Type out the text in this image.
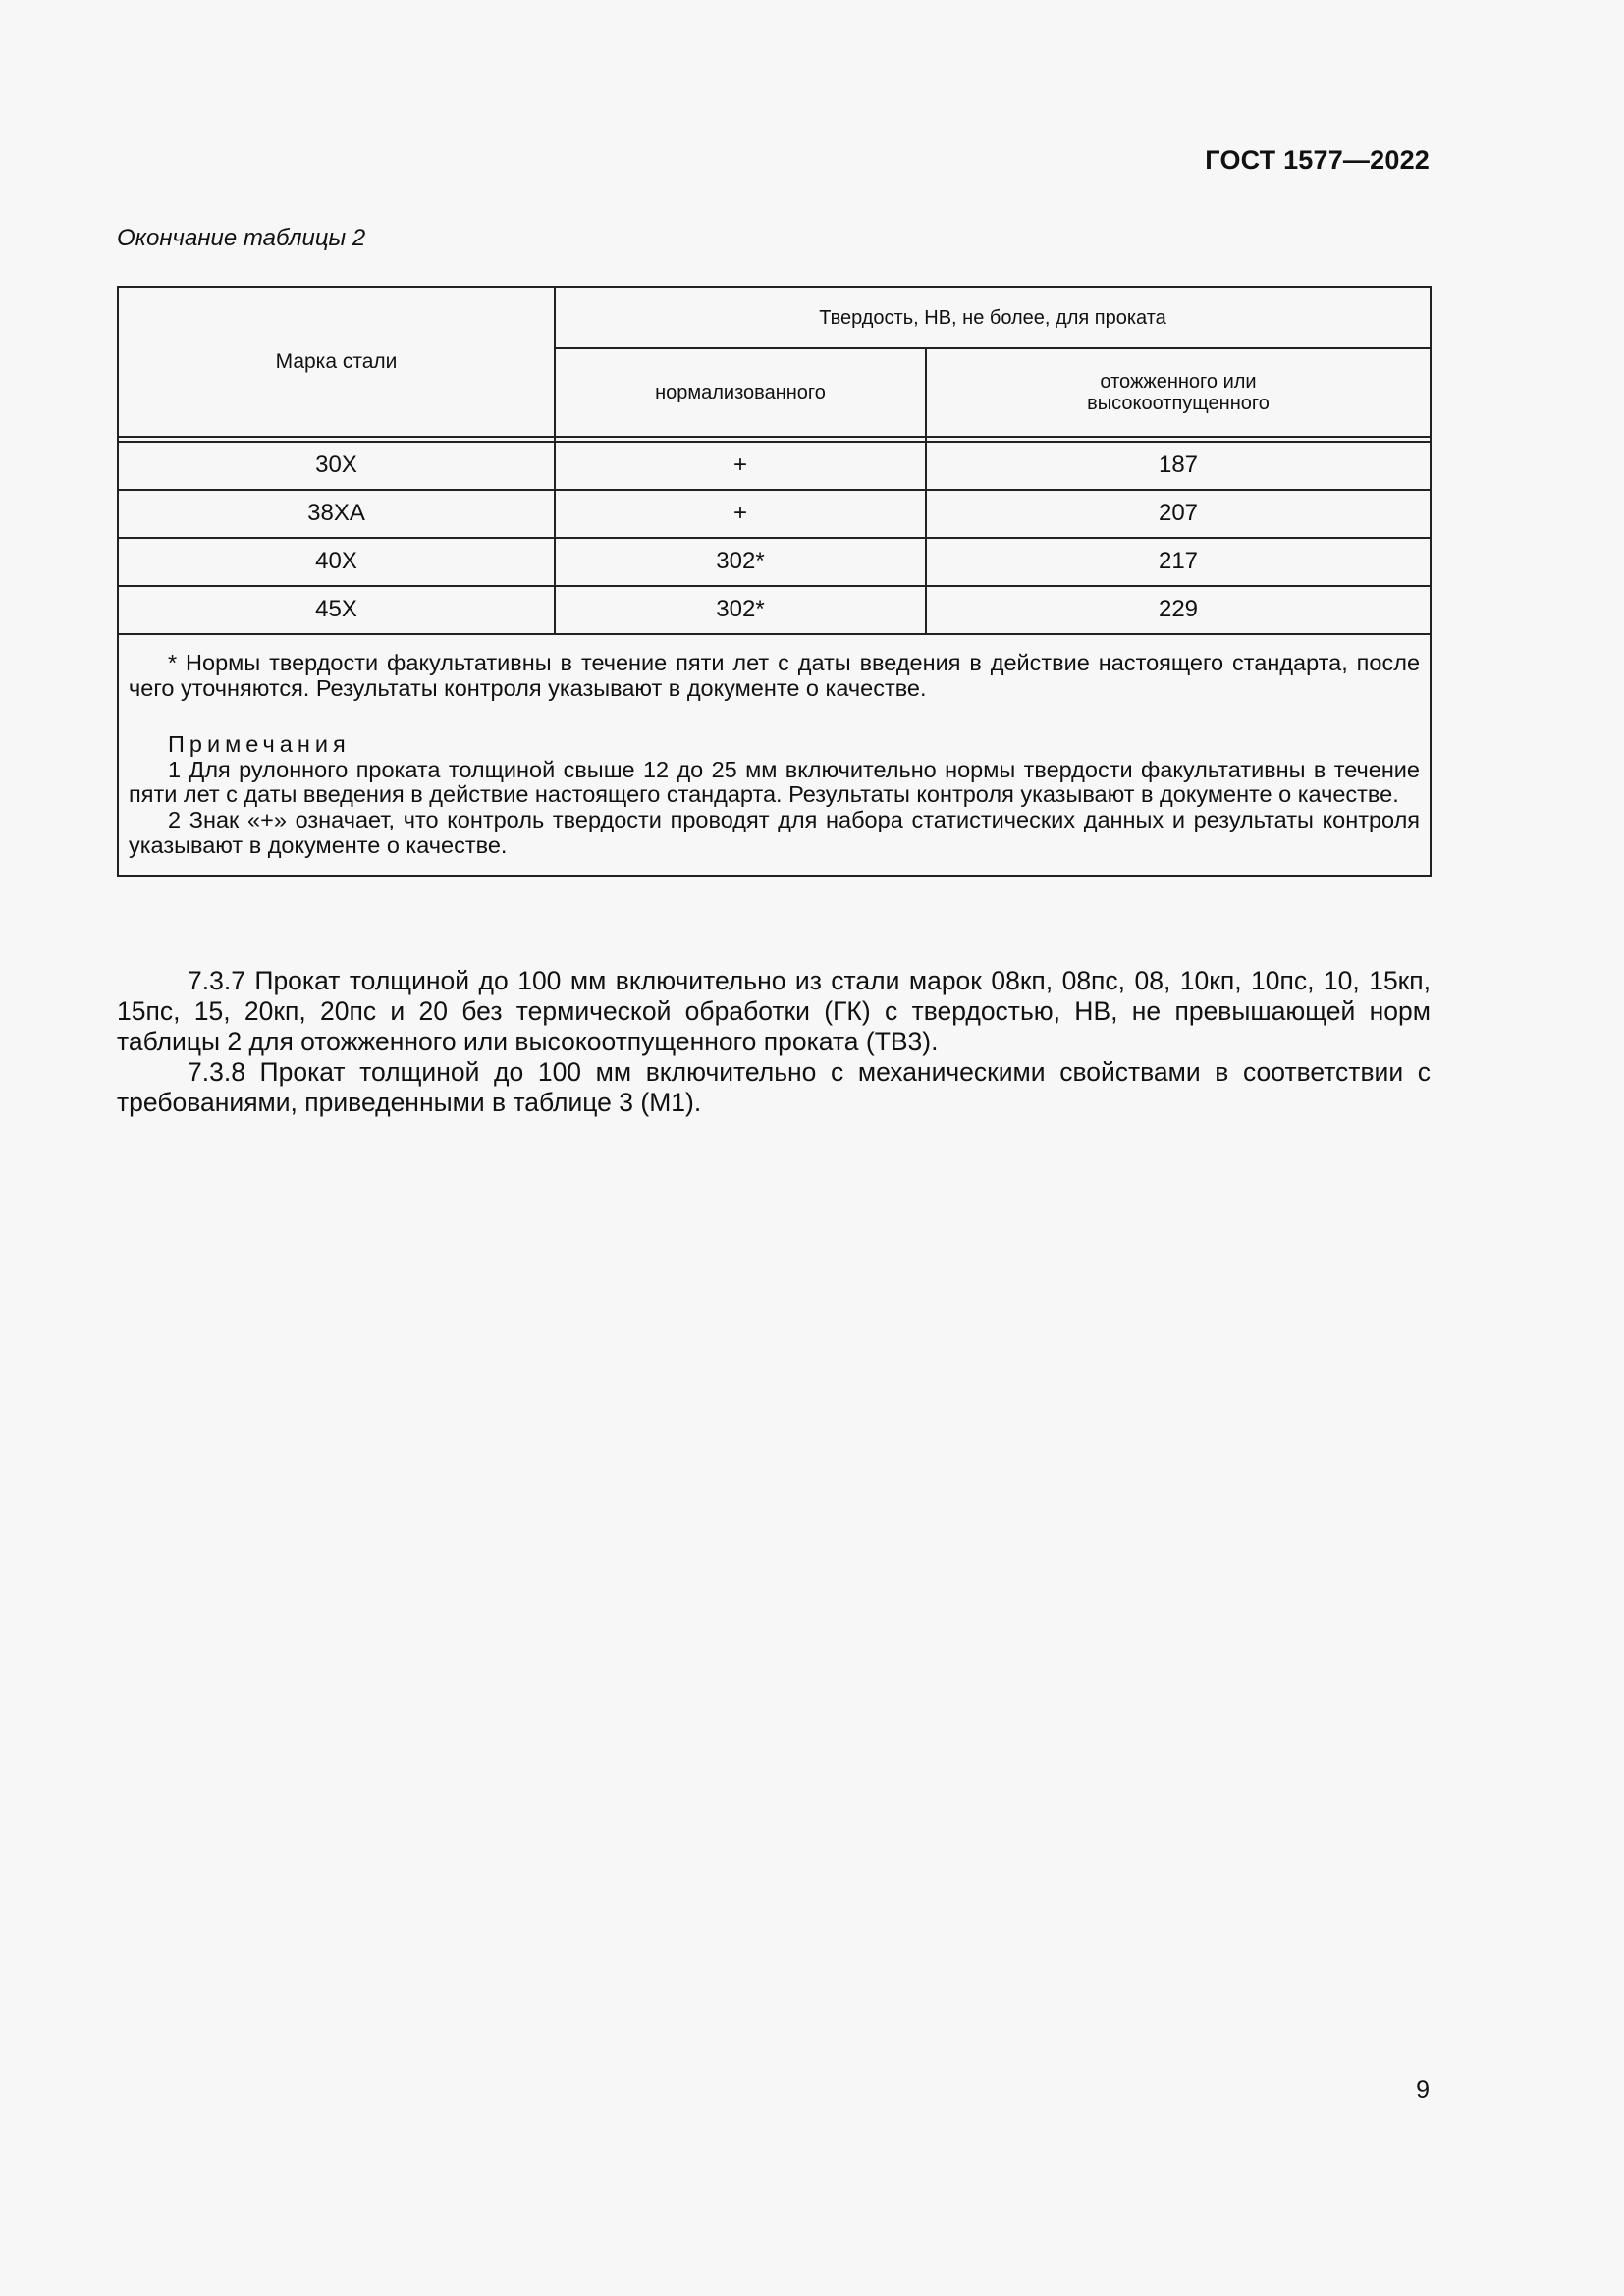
ГОСТ 1577—2022
Окончание таблицы 2
Марка стали	Твердость, НВ, не более, для проката	
	нормализованного	отожженного или
высокоотпущенного

30Х	+	187
38ХА	+	207
40Х	302*	217
45Х	302*	229

* Нормы твердости факультативны в течение пяти лет с даты введения в действие настоящего стандарта, после чего уточняются. Результаты контроля указывают в документе о качестве.

Примечания

1 Для рулонного проката толщиной свыше 12 до 25 мм включительно нормы твердости факультативны в течение пяти лет с даты введения в действие настоящего стандарта. Результаты контроля указывают в документе о качестве.

2 Знак «+» означает, что контроль твердости проводят для набора статистических данных и результаты контроля указывают в документе о качестве.		

7.3.7 Прокат толщиной до 100 мм включительно из стали марок 08кп, 08пс, 08, 10кп, 10пс, 10, 15кп, 15пс, 15, 20кп, 20пс и 20 без термической обработки (ГК) с твердостью, НВ, не превышающей норм таблицы 2 для отожженного или высокоотпущенного проката (ТВ3).

7.3.8 Прокат толщиной до 100 мм включительно с механическими свойствами в соответствии с требованиями, приведенными в таблице 3 (М1).

9
